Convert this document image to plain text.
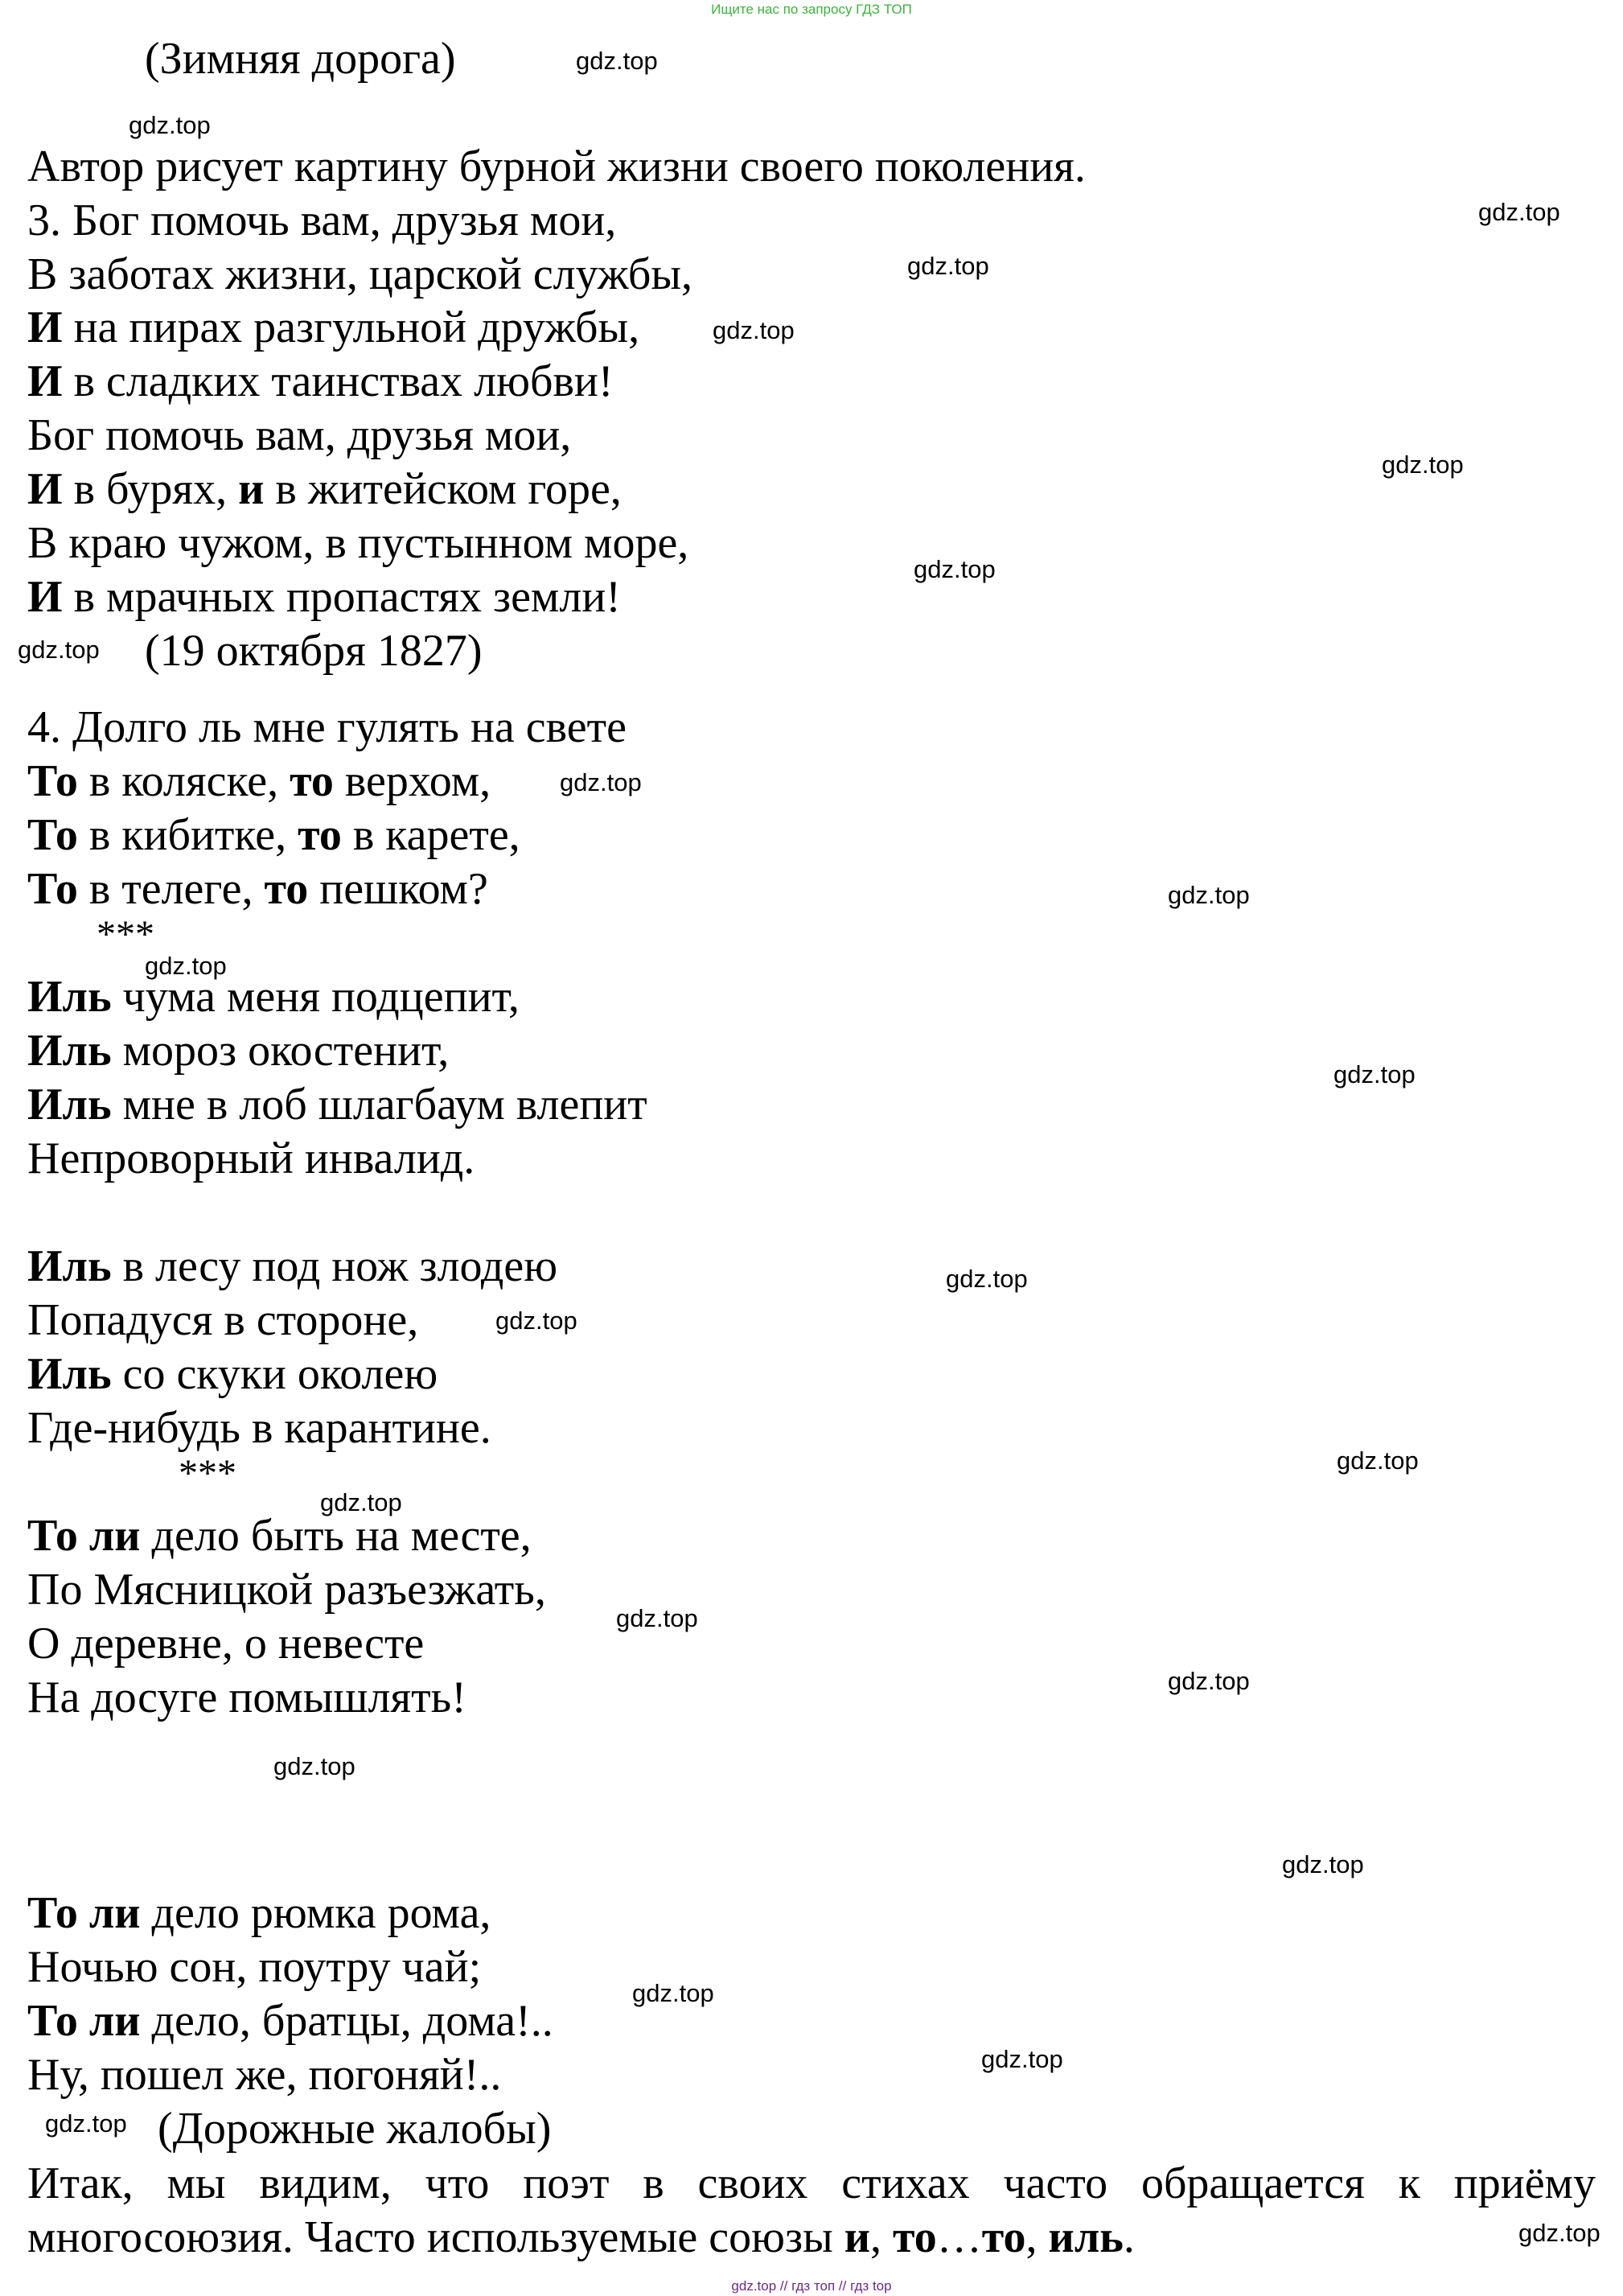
Ищите нас по запросу ГДЗ ТОП
(Зимняя дорога)
Автор рисует картину бурной жизни своего поколения.
3. Бог помочь вам, друзья мои,
В заботах жизни, царской службы,
И на пирах разгульной дружбы,
И в сладких таинствах любви!
Бог помочь вам, друзья мои,
И в бурях, и в житейском горе,
В краю чужом, в пустынном море,
И в мрачных пропастях земли!
(19 октября 1827)
4. Долго ль мне гулять на свете
То в коляске, то верхом,
То в кибитке, то в карете,
То в телеге, то пешком?
***
Иль чума меня подцепит,
Иль мороз окостенит,
Иль мне в лоб шлагбаум влепит
Непроворный инвалид.
Иль в лесу под нож злодею
Попадуся в стороне,
Иль со скуки околею
Где-нибудь в карантине.
***
То ли дело быть на месте,
По Мясницкой разъезжать,
О деревне, о невесте
На досуге помышлять!
То ли дело рюмка рома,
Ночью сон, поутру чай;
То ли дело, братцы, дома!..
Ну, пошел же, погоняй!..
(Дорожные жалобы)
Итак, мы видим, что поэт в своих стихах часто обращается к приёму
многосоюзия. Часто используемые союзы и, то…то, иль.
gdz.top
gdz.top
gdz.top
gdz.top
gdz.top
gdz.top
gdz.top
gdz.top
gdz.top
gdz.top
gdz.top
gdz.top
gdz.top
gdz.top
gdz.top
gdz.top
gdz.top
gdz.top
gdz.top
gdz.top
gdz.top
gdz.top
gdz.top
gdz.top
gdz.top // гдз топ // гдз top
